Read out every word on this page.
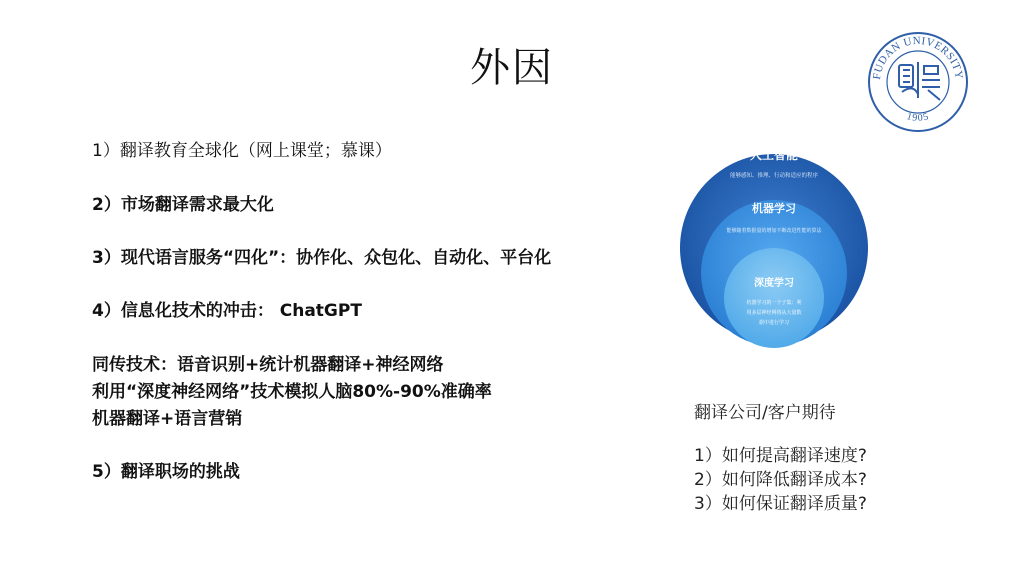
外因
1）翻译教育全球化（网上课堂；慕课）
2）市场翻译需求最大化
3）现代语言服务“四化”：协作化、众包化、自动化、平台化
4）信息化技术的冲击： ChatGPT
同传技术：语音识别+统计机器翻译+神经网络
利用“深度神经网络”技术模拟人脑80%-90%准确率
机器翻译+语言营销
5）翻译职场的挑战
人工智能
能够感知、推理、行动和适应的程序
机器学习
能够随着数据量的增加不断改进性能的算法
深度学习
机器学习的一个子集：利
用多层神经网络从大量数
据中进行学习
FUDAN UNIVERSITY
1905
翻译公司/客户期待
1）如何提高翻译速度?
2）如何降低翻译成本?
3）如何保证翻译质量?
